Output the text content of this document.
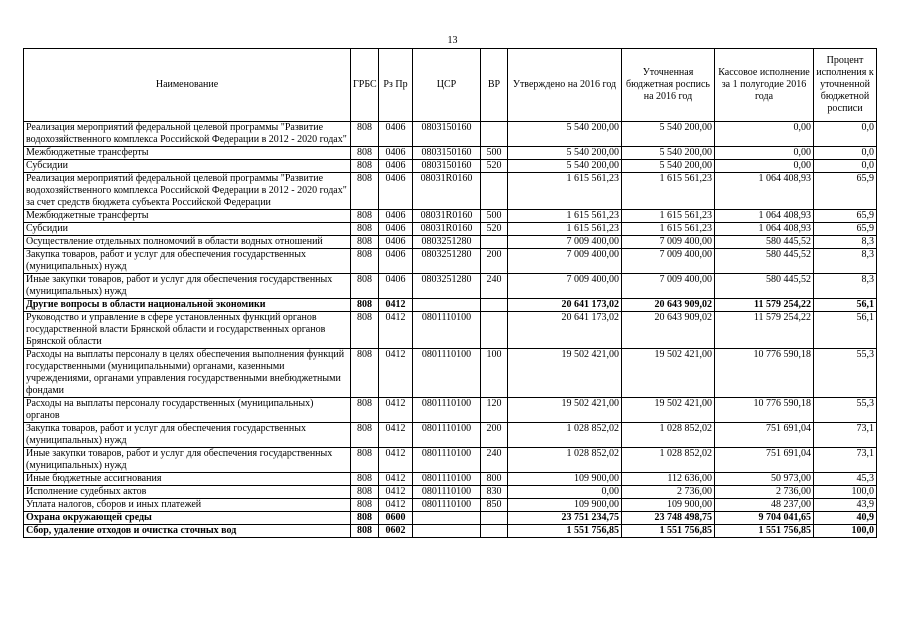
13
Наименование	ГРБС	Рз Пр	ЦСР	ВР	Утверждено на 2016 год	Уточненная бюджетная роспись на 2016 год	Кассовое исполнение за 1 полугодие 2016 года	Процент исполнения к уточненной бюджетной росписи
Реализация мероприятий федеральной целевой программы "Развитие водохозяйственного комплекса Российской Федерации в 2012 - 2020 годах"	808	0406	0803150160		5 540 200,00	5 540 200,00	0,00	0,0
Межбюджетные трансферты	808	0406	0803150160	500	5 540 200,00	5 540 200,00	0,00	0,0
Субсидии	808	0406	0803150160	520	5 540 200,00	5 540 200,00	0,00	0,0
Реализация мероприятий федеральной целевой программы "Развитие водохозяйственного комплекса Российской Федерации в 2012 - 2020 годах" за счет средств бюджета субъекта Российской Федерации	808	0406	08031R0160		1 615 561,23	1 615 561,23	1 064 408,93	65,9
Межбюджетные трансферты	808	0406	08031R0160	500	1 615 561,23	1 615 561,23	1 064 408,93	65,9
Субсидии	808	0406	08031R0160	520	1 615 561,23	1 615 561,23	1 064 408,93	65,9
Осуществление отдельных полномочий в области водных отношений	808	0406	0803251280		7 009 400,00	7 009 400,00	580 445,52	8,3
Закупка товаров, работ и услуг для обеспечения государственных (муниципальных) нужд	808	0406	0803251280	200	7 009 400,00	7 009 400,00	580 445,52	8,3
Иные закупки товаров, работ и услуг для обеспечения государственных (муниципальных) нужд	808	0406	0803251280	240	7 009 400,00	7 009 400,00	580 445,52	8,3
Другие вопросы в области национальной экономики	808	0412			20 641 173,02	20 643 909,02	11 579 254,22	56,1
Руководство и управление в сфере установленных функций органов государственной власти Брянской области и государственных органов Брянской области	808	0412	0801110100		20 641 173,02	20 643 909,02	11 579 254,22	56,1
Расходы на выплаты персоналу в целях обеспечения выполнения функций государственными (муниципальными) органами, казенными учреждениями, органами управления государственными внебюджетными фондами	808	0412	0801110100	100	19 502 421,00	19 502 421,00	10 776 590,18	55,3
Расходы на выплаты персоналу государственных (муниципальных) органов	808	0412	0801110100	120	19 502 421,00	19 502 421,00	10 776 590,18	55,3
Закупка товаров, работ и услуг для обеспечения государственных (муниципальных) нужд	808	0412	0801110100	200	1 028 852,02	1 028 852,02	751 691,04	73,1
Иные закупки товаров, работ и услуг для обеспечения государственных (муниципальных) нужд	808	0412	0801110100	240	1 028 852,02	1 028 852,02	751 691,04	73,1
Иные бюджетные ассигнования	808	0412	0801110100	800	109 900,00	112 636,00	50 973,00	45,3
Исполнение судебных актов	808	0412	0801110100	830	0,00	2 736,00	2 736,00	100,0
Уплата налогов, сборов и иных платежей	808	0412	0801110100	850	109 900,00	109 900,00	48 237,00	43,9
Охрана окружающей среды	808	0600			23 751 234,75	23 748 498,75	9 704 041,65	40,9
Сбор, удаление отходов и очистка сточных вод	808	0602			1 551 756,85	1 551 756,85	1 551 756,85	100,0
